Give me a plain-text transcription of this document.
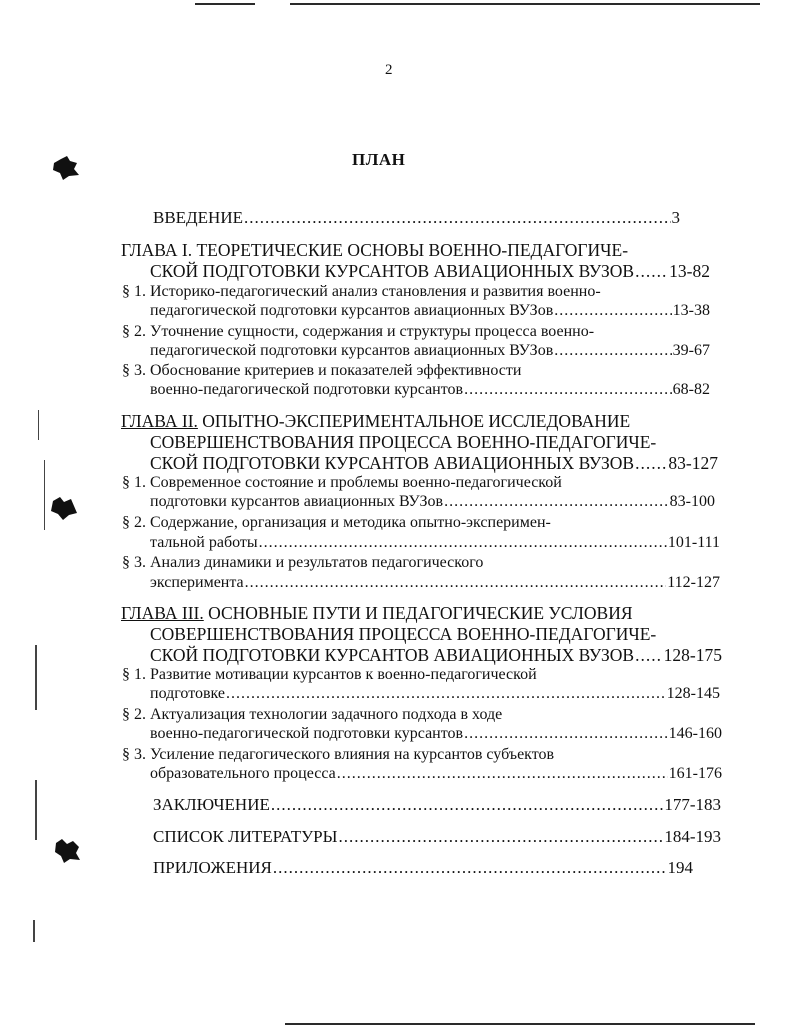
2
ПЛАН
ВВЕДЕНИЕ .....	3
ГЛАВА I. ТЕОРЕТИЧЕСКИЕ ОСНОВЫ ВОЕННО-ПЕДАГОГИЧЕ-
СКОЙ ПОДГОТОВКИ КУРСАНТОВ АВИАЦИОННЫХ ВУЗОВ ..... 13-82
§ 1. Историко-педагогический анализ становления и развития военно-
педагогической подготовки курсантов авиационных ВУЗов .....	13-38
§ 2. Уточнение сущности, содержания и структуры процесса военно-
педагогической подготовки курсантов авиационных ВУЗов .....	39-67
§ 3. Обоснование критериев и показателей эффективности
военно-педагогической подготовки курсантов .....	68-82
ГЛАВА II. ОПЫТНО-ЭКСПЕРИМЕНТАЛЬНОЕ ИССЛЕДОВАНИЕ
СОВЕРШЕНСТВОВАНИЯ ПРОЦЕССА ВОЕННО-ПЕДАГОГИЧЕ-
СКОЙ ПОДГОТОВКИ КУРСАНТОВ АВИАЦИОННЫХ ВУЗОВ ..... 83-127
§ 1. Современное состояние и проблемы военно-педагогической
подготовки курсантов авиационных ВУЗов .....	83-100
§ 2. Содержание, организация и методика опытно-эксперимен-
тальной работы .....	101-111
§ 3. Анализ динамики и результатов педагогического
эксперимента .....	112-127
ГЛАВА III. ОСНОВНЫЕ ПУТИ И ПЕДАГОГИЧЕСКИЕ УСЛОВИЯ
СОВЕРШЕНСТВОВАНИЯ ПРОЦЕССА ВОЕННО-ПЕДАГОГИЧЕ-
СКОЙ ПОДГОТОВКИ КУРСАНТОВ АВИАЦИОННЫХ ВУЗОВ ..... 128-175
§ 1. Развитие мотивации курсантов к военно-педагогической
подготовке .....	128-145
§ 2. Актуализация технологии задачного подхода в ходе
военно-педагогической подготовки курсантов .....	146-160
§ 3. Усиление педагогического влияния на курсантов субъектов
образовательного процесса .....	161-176
ЗАКЛЮЧЕНИЕ .....	177-183
СПИСОК ЛИТЕРАТУРЫ .....	184-193
ПРИЛОЖЕНИЯ .....	194
